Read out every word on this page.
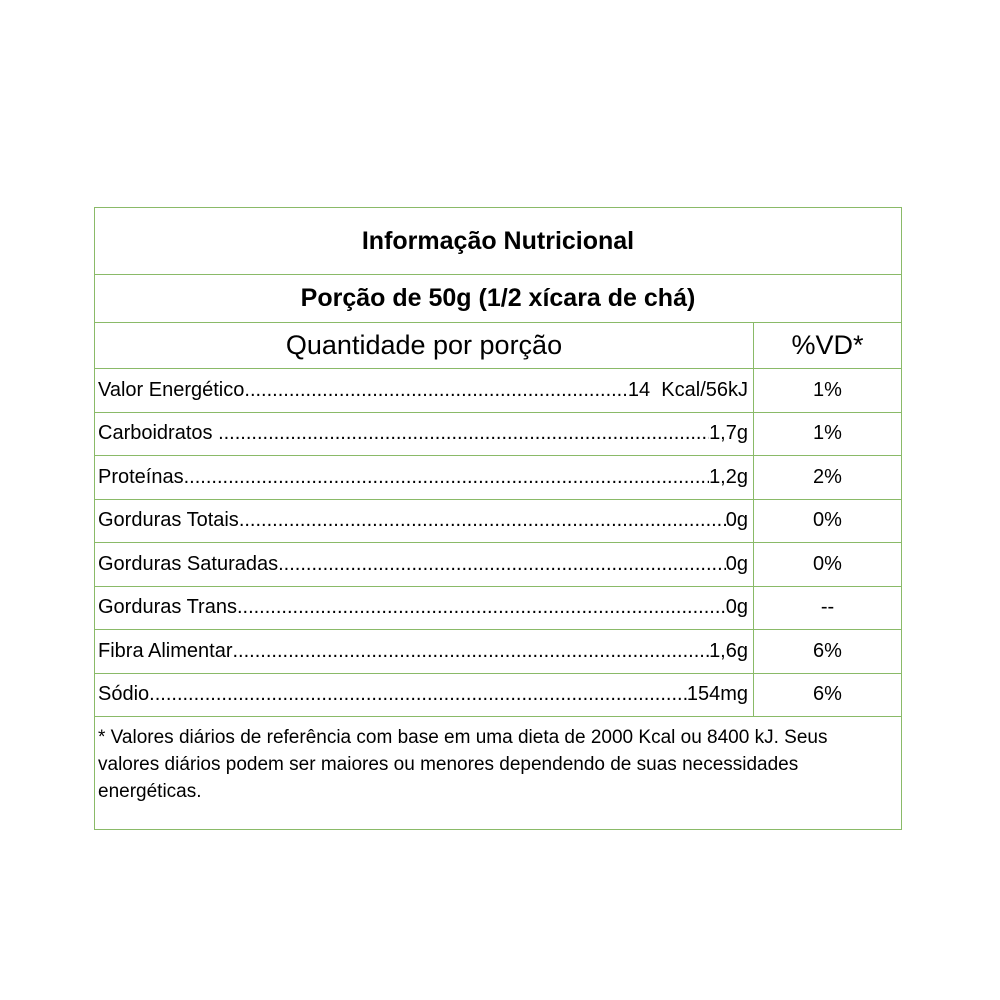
Informação Nutricional
Porção de 50g (1/2 xícara de chá)
Quantidade por porção	%VD*
Valor Energético .....	14  Kcal/56kJ	1%
Carboidratos .....	1,7g	1%
Proteínas .....	1,2g	2%
Gorduras Totais .....	0g	0%
Gorduras Saturadas .....	0g	0%
Gorduras Trans .....	0g	--
Fibra Alimentar .....	1,6g	6%
Sódio .....	154mg	6%
* Valores diários de referência com base em uma dieta de 2000 Kcal ou 8400 kJ. Seus
valores diários podem ser maiores ou menores dependendo de suas necessidades
energéticas.
